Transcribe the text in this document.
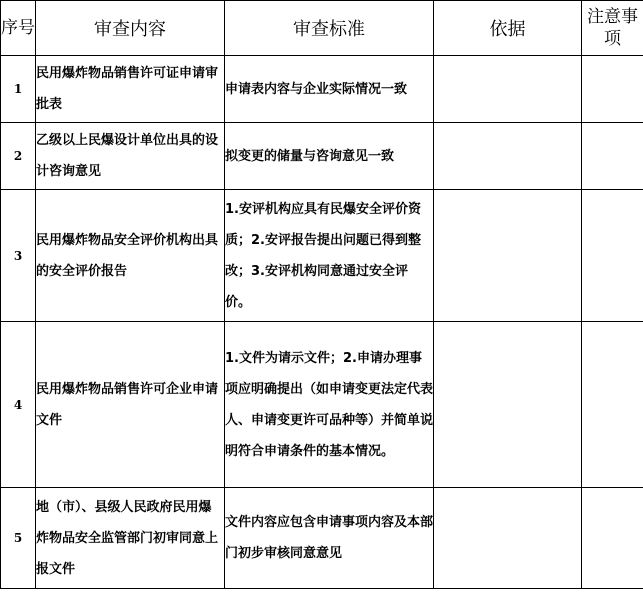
序号	审查内容	审查标准	依据	注意事项
1	民用爆炸物品销售许可证申请审批表	申请表内容与企业实际情况一致		
2	乙级以上民爆设计单位出具的设计咨询意见	拟变更的储量与咨询意见一致		
3	民用爆炸物品安全评价机构出具的安全评价报告	1.安评机构应具有民爆安全评价资质；2.安评报告提出问题已得到整改；3.安评机构同意通过安全评价。		
4	民用爆炸物品销售许可企业申请文件	1.文件为请示文件；2.申请办理事项应明确提出（如申请变更法定代表人、申请变更许可品种等）并简单说明符合申请条件的基本情况。		
5	地（市）、县级人民政府民用爆炸物品安全监管部门初审同意上报文件	文件内容应包含申请事项内容及本部门初步审核同意意见		
